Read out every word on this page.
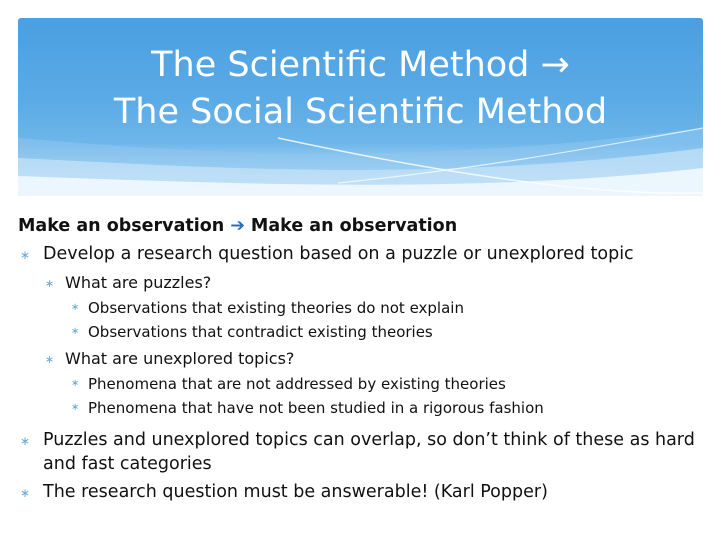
The Scientific Method →
The Social Scientific Method
Make an observation ➔ Make an observation
∗ Develop a research question based on a puzzle or unexplored topic
∗ What are puzzles?
∗ Observations that existing theories do not explain
∗ Observations that contradict existing theories
∗ What are unexplored topics?
∗ Phenomena that are not addressed by existing theories
∗ Phenomena that have not been studied in a rigorous fashion
∗ Puzzles and unexplored topics can overlap, so don’t think of these as hard and fast categories
∗ The research question must be answerable! (Karl Popper)
